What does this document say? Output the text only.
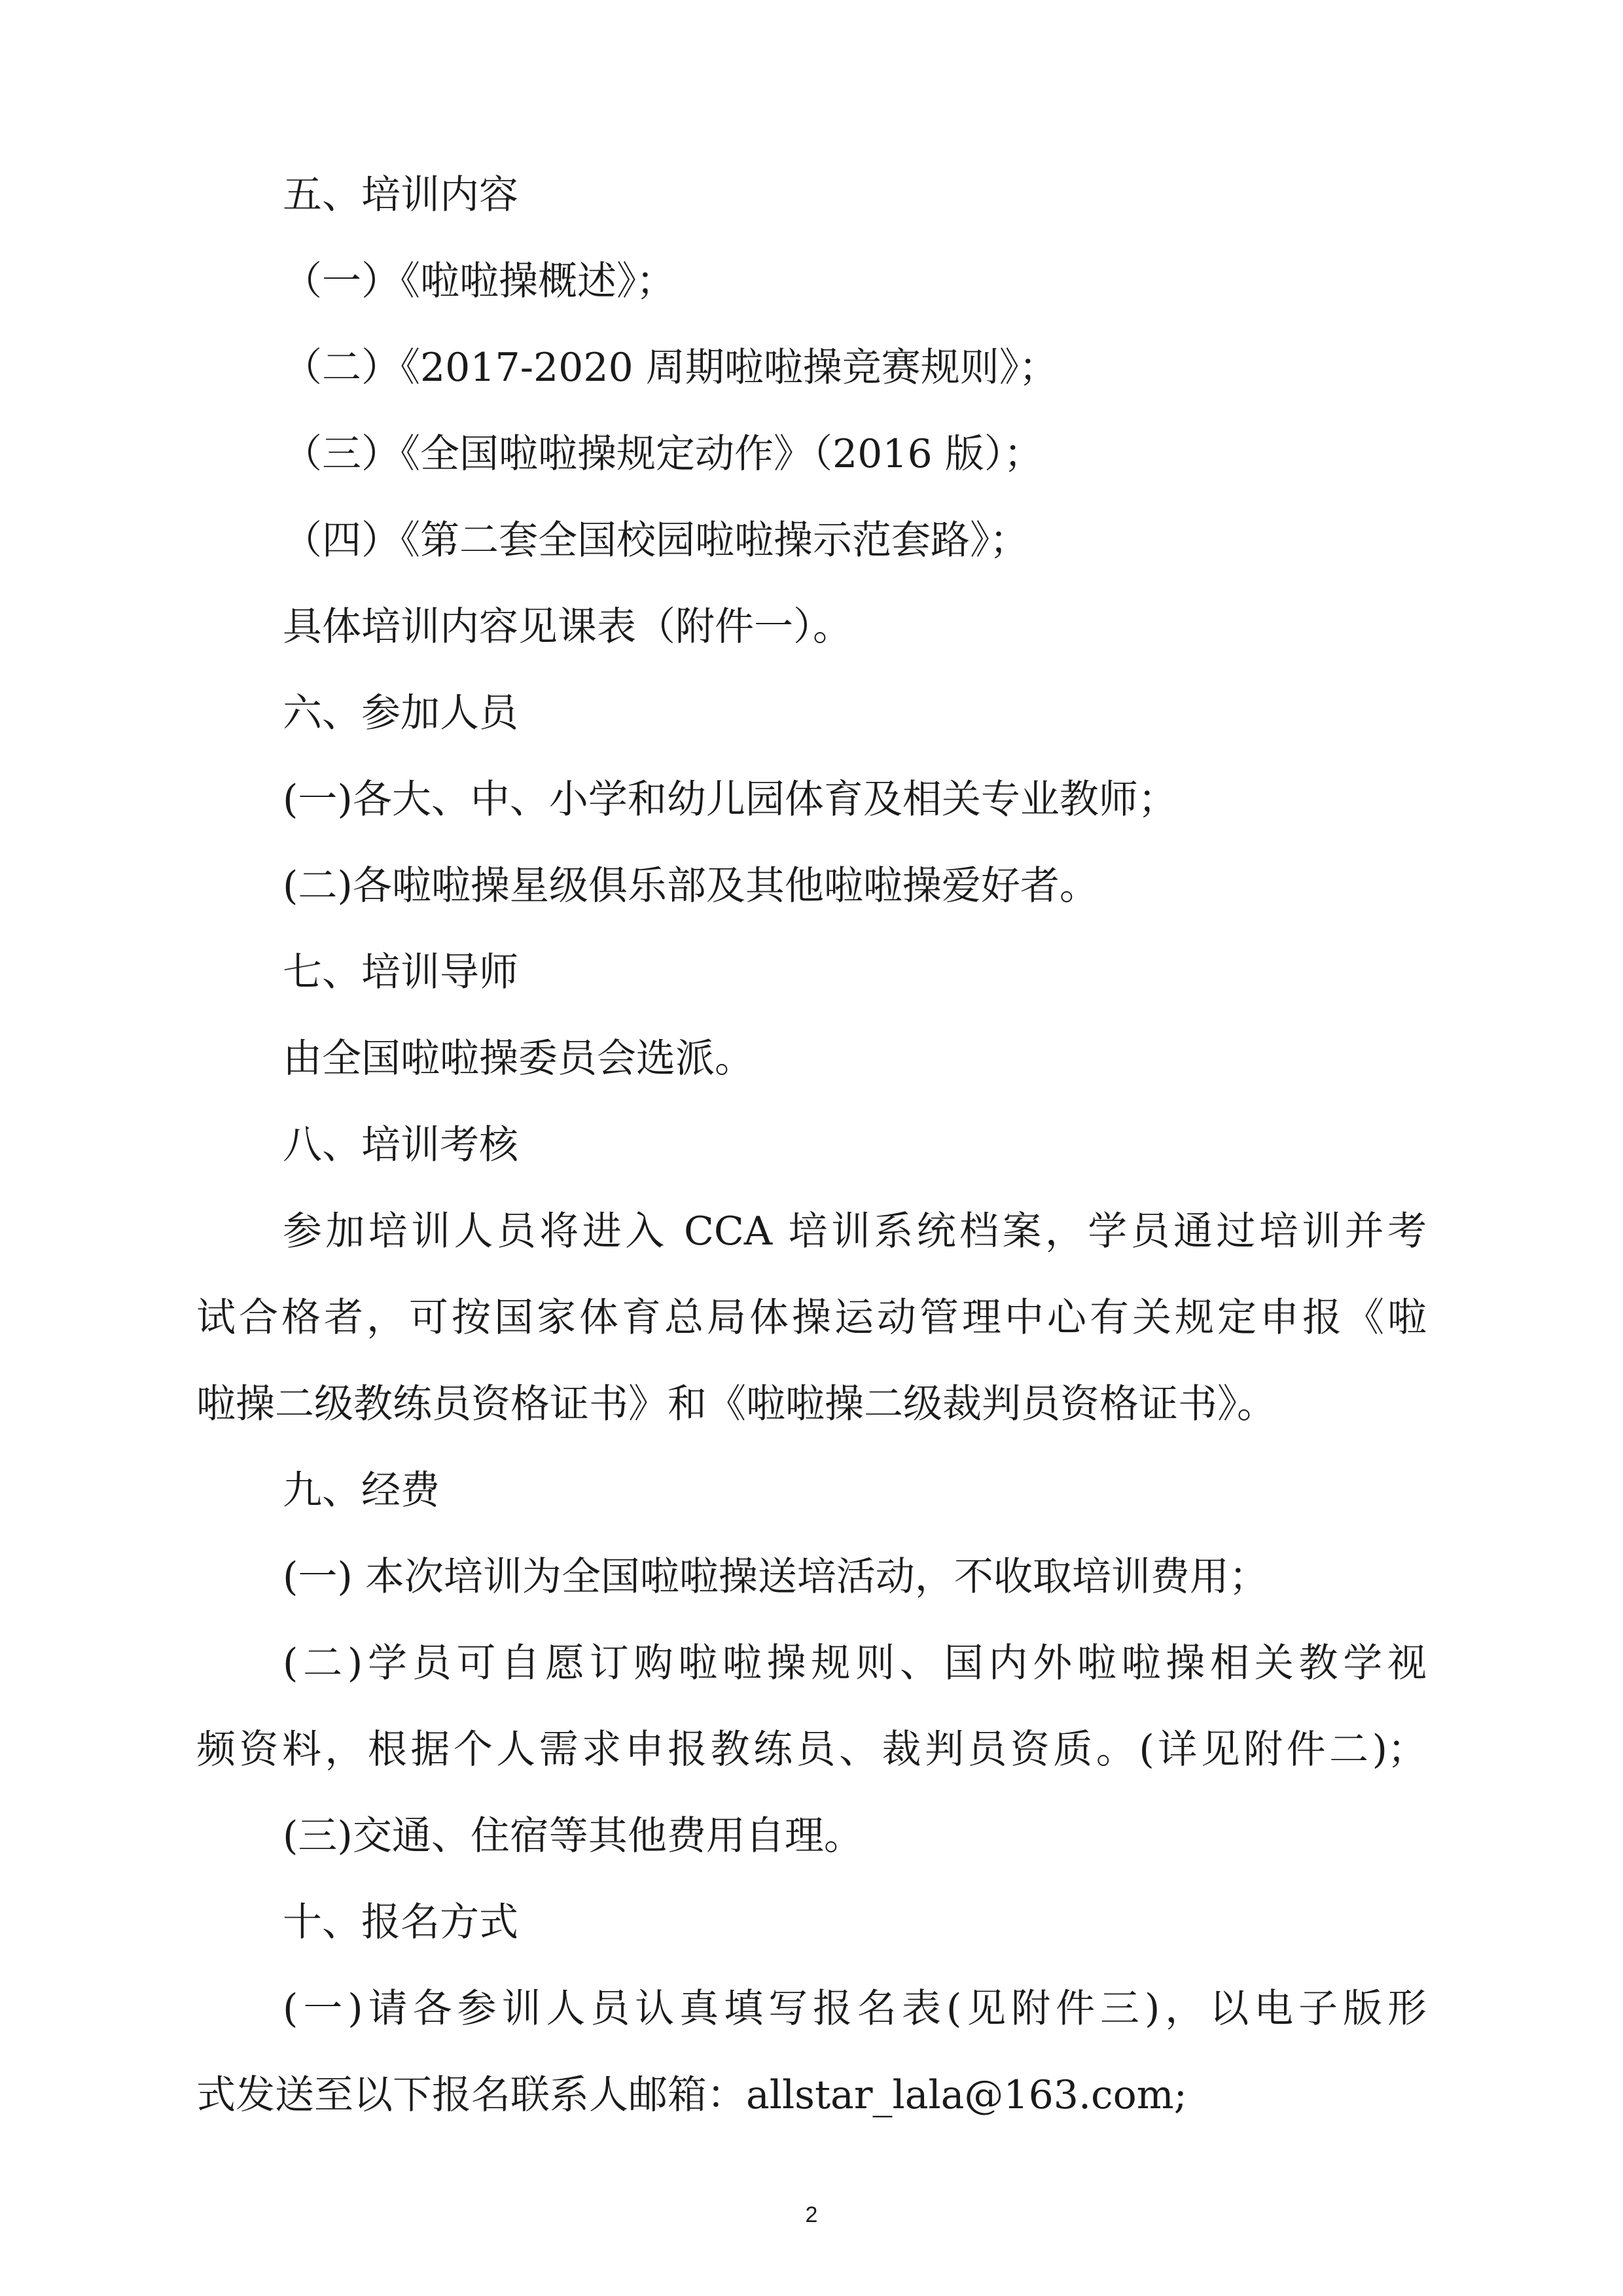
五、培训内容
（一）《啦啦操概述》；
（二）《2017-2020 周期啦啦操竞赛规则》；
（三）《全国啦啦操规定动作》（2016 版）；
（四）《第二套全国校园啦啦操示范套路》；
具体培训内容见课表（附件一）。
六、参加人员
(一)各大、中、小学和幼儿园体育及相关专业教师；
(二)各啦啦操星级俱乐部及其他啦啦操爱好者。
七、培训导师
由全国啦啦操委员会选派。
八、培训考核
参加培训人员将进入 CCA 培训系统档案，学员通过培训并考
试合格者，可按国家体育总局体操运动管理中心有关规定申报《啦
啦操二级教练员资格证书》和《啦啦操二级裁判员资格证书》。
九、经费
(一) 本次培训为全国啦啦操送培活动，不收取培训费用；
(二)学员可自愿订购啦啦操规则、国内外啦啦操相关教学视
频资料，根据个人需求申报教练员、裁判员资质。(详见附件二)；
(三)交通、住宿等其他费用自理。
十、报名方式
(一)请各参训人员认真填写报名表(见附件三)，以电子版形
式发送至以下报名联系人邮箱：allstar_lala@163.com;
2
